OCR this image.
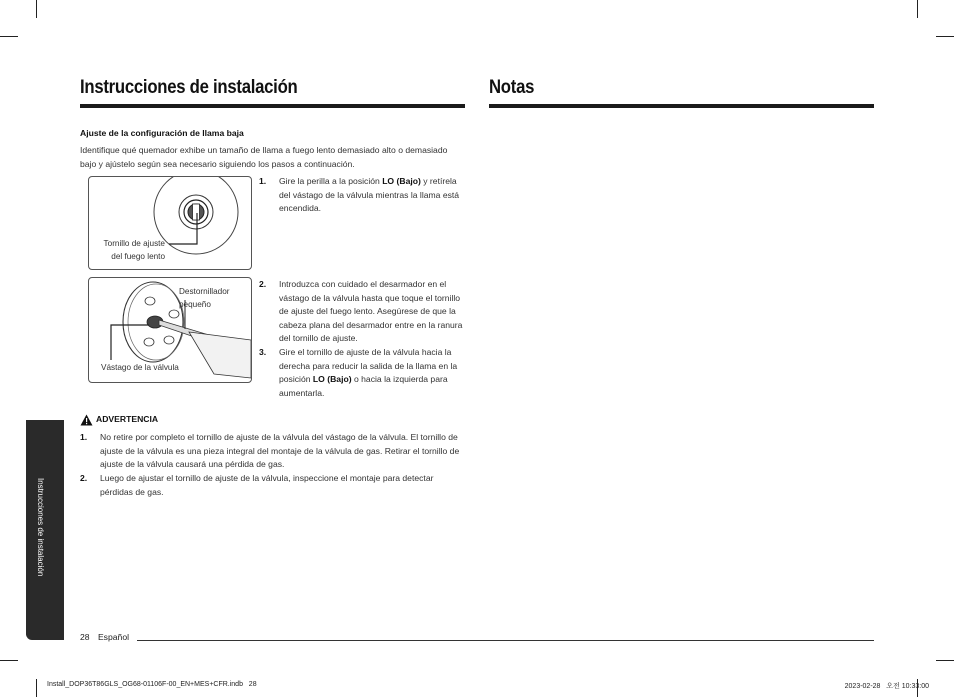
Instrucciones de instalación	Notas
Ajuste de la configuración de llama baja
Identifique qué quemador exhibe un tamaño de llama a fuego lento demasiado alto o demasiado bajo y ajústelo según sea necesario siguiendo los pasos a continuación.
Tornillo de ajuste
del fuego lento
Destornillador
pequeño
Vástago de la válvula
1. Gire la perilla a la posición LO (Bajo) y retírela del vástago de la válvula mientras la llama está encendida.
2. Introduzca con cuidado el desarmador en el vástago de la válvula hasta que toque el tornillo de ajuste del fuego lento. Asegúrese de que la cabeza plana del desarmador entre en la ranura del tornillo de ajuste.
3. Gire el tornillo de ajuste de la válvula hacia la derecha para reducir la salida de la llama en la posición LO (Bajo) o hacia la izquierda para aumentarla.
ADVERTENCIA
1. No retire por completo el tornillo de ajuste de la válvula del vástago de la válvula. El tornillo de ajuste de la válvula es una pieza integral del montaje de la válvula de gas. Retirar el tornillo de ajuste de la válvula causará una pérdida de gas.
2. Luego de ajustar el tornillo de ajuste de la válvula, inspeccione el montaje para detectar pérdidas de gas.
Instrucciones de instalación
28 Español
Install_DOP36T86GLS_OG68-01106F-00_EN+MES+CFR.indb   28	2023-02-28   오전 10:33:00
